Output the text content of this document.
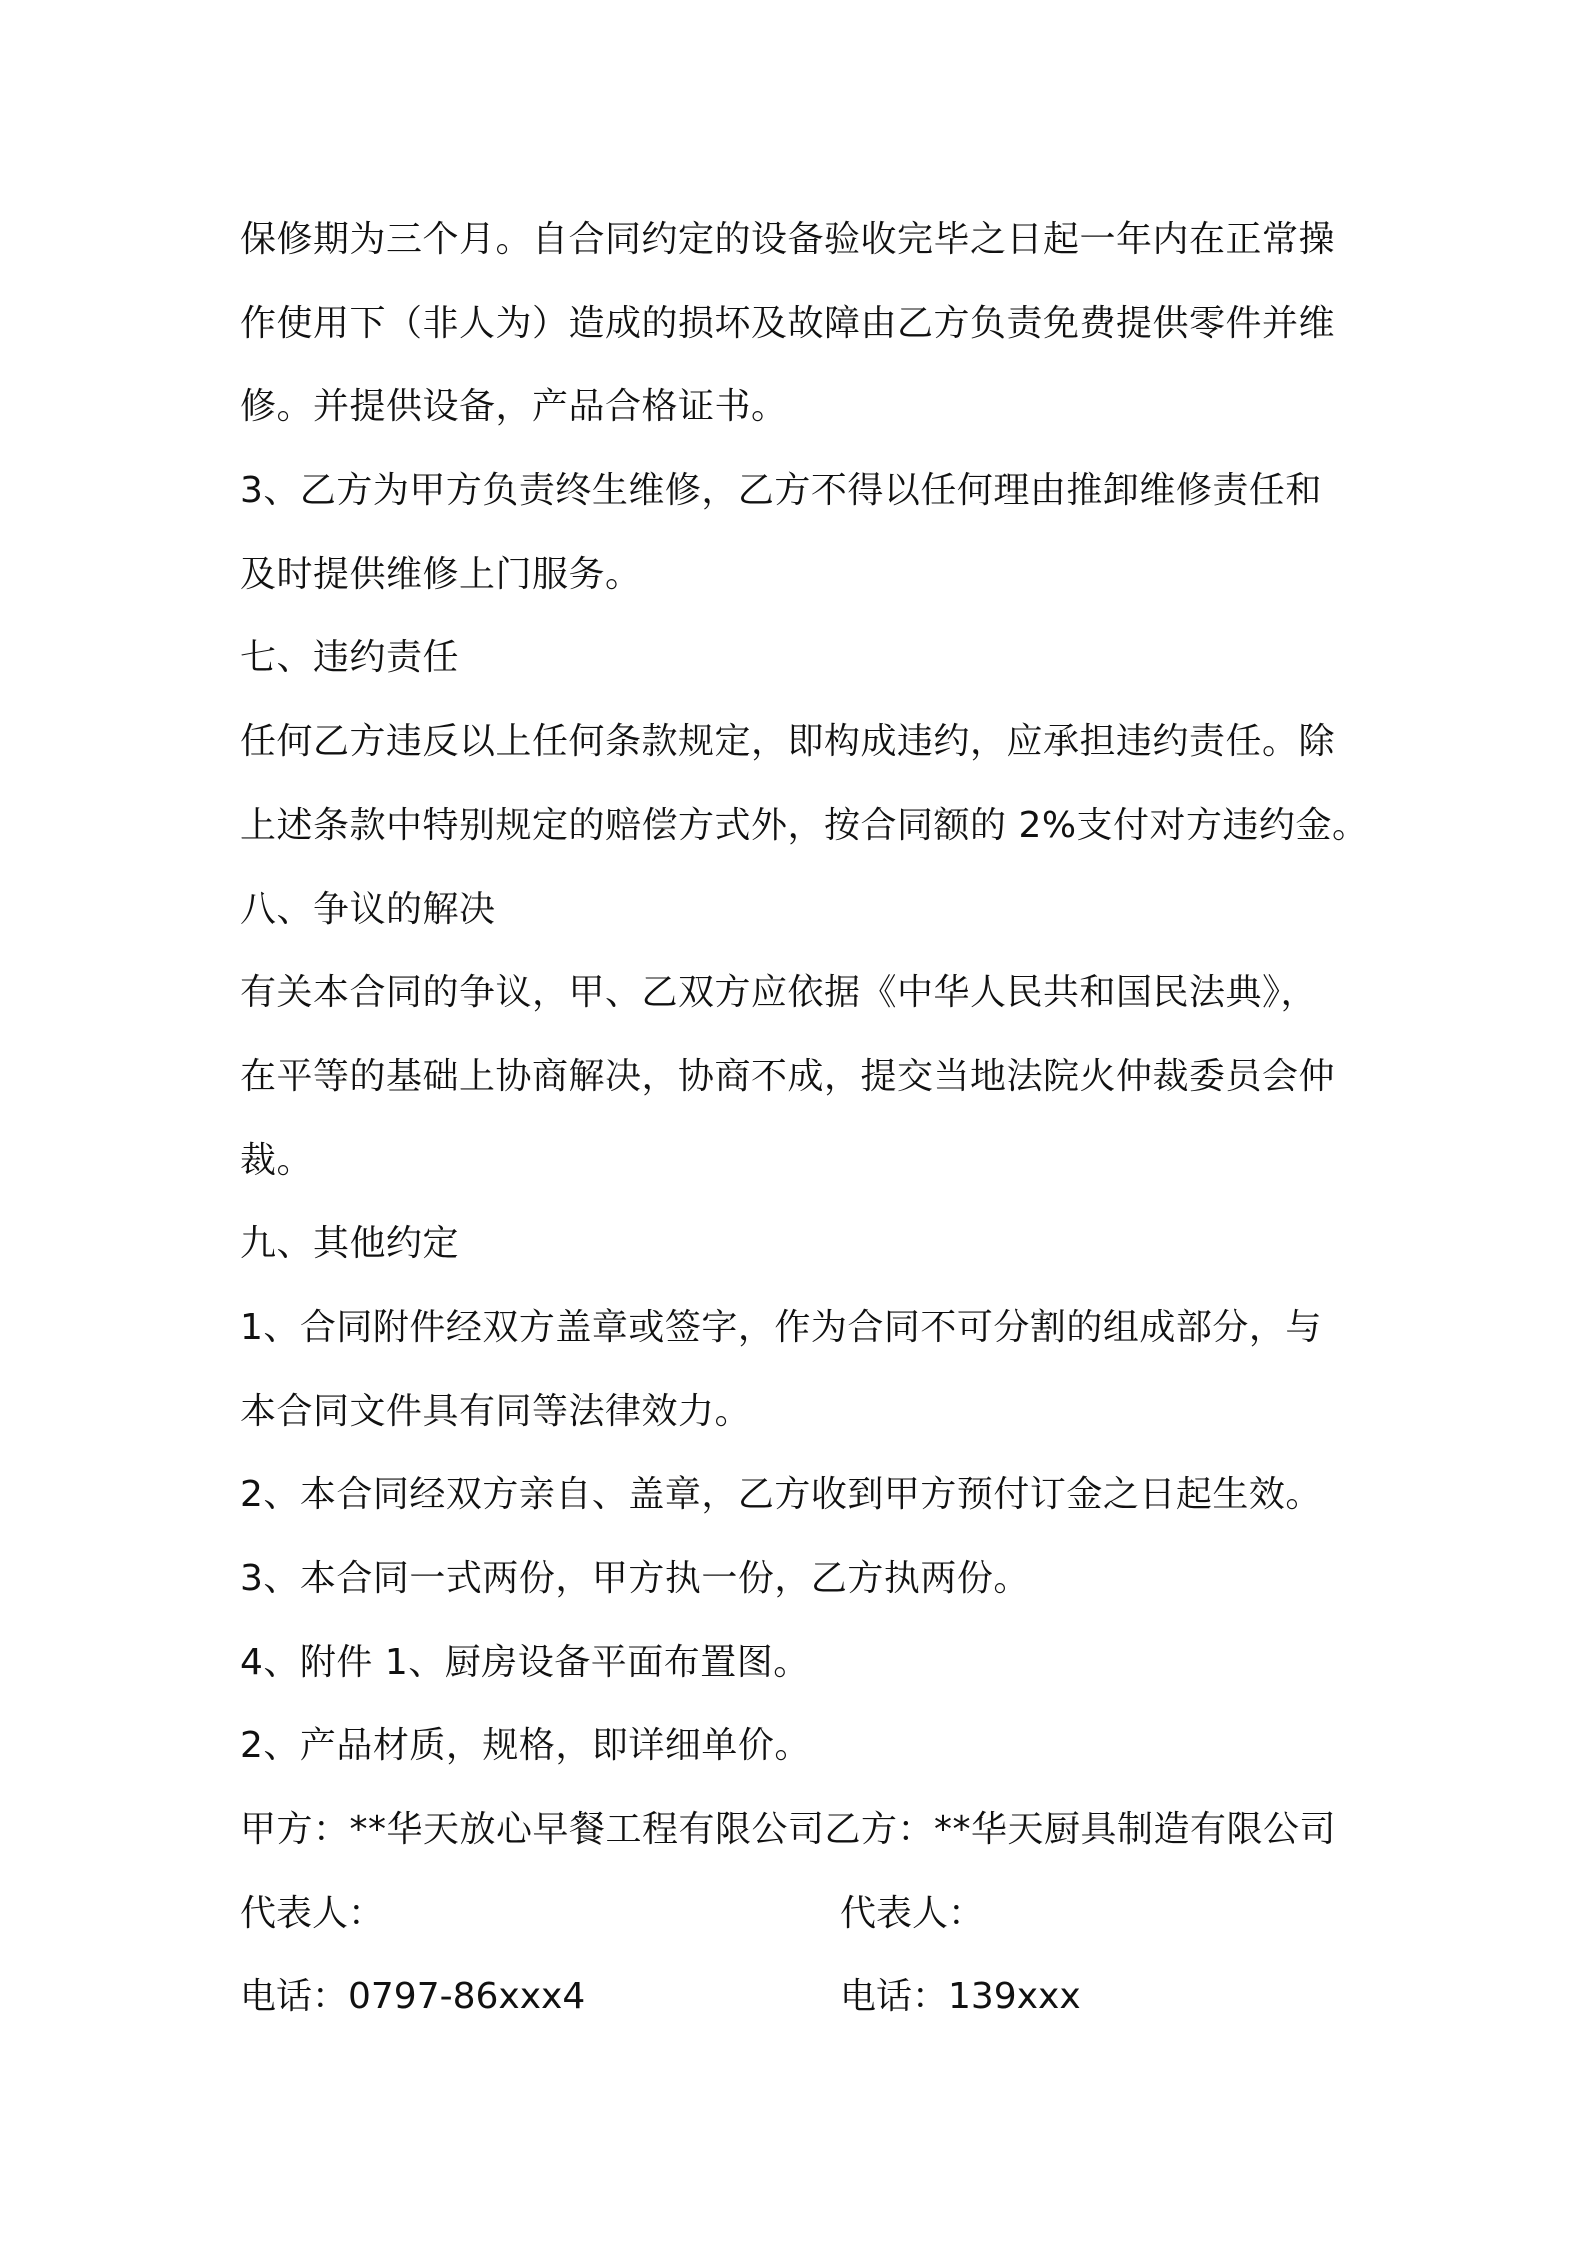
保修期为三个月。自合同约定的设备验收完毕之日起一年内在正常操
作使用下（非人为）造成的损坏及故障由乙方负责免费提供零件并维
修。并提供设备，产品合格证书。
3、乙方为甲方负责终生维修，乙方不得以任何理由推卸维修责任和
及时提供维修上门服务。
七、违约责任
任何乙方违反以上任何条款规定，即构成违约，应承担违约责任。除
上述条款中特别规定的赔偿方式外，按合同额的 2%支付对方违约金。
八、争议的解决
有关本合同的争议，甲、乙双方应依据《中华人民共和国民法典》，
在平等的基础上协商解决，协商不成，提交当地法院火仲裁委员会仲
裁。
九、其他约定
1、合同附件经双方盖章或签字，作为合同不可分割的组成部分，与
本合同文件具有同等法律效力。
2、本合同经双方亲自、盖章，乙方收到甲方预付订金之日起生效。
3、本合同一式两份，甲方执一份，乙方执两份。
4、附件 1、厨房设备平面布置图。
2、产品材质，规格，即详细单价。
甲方：**华天放心早餐工程有限公司乙方：**华天厨具制造有限公司
代表人：	代表人：
电话：0797-86xxx4	电话：139xxx
